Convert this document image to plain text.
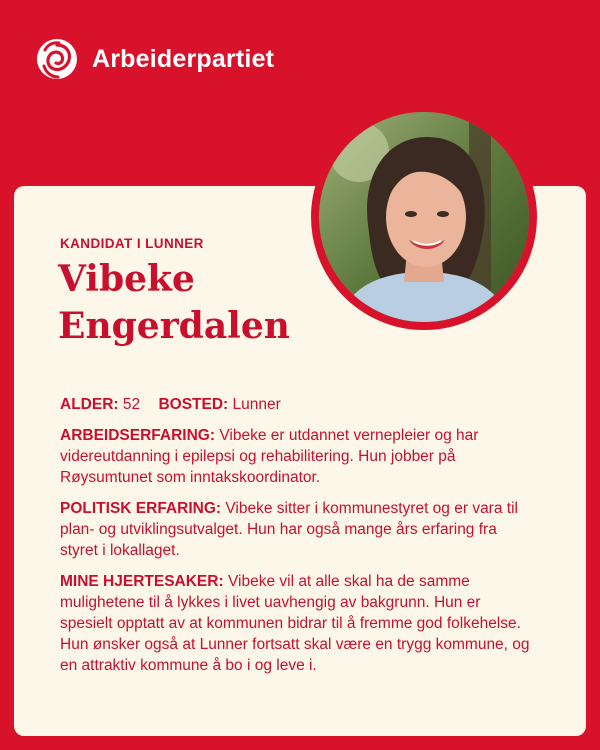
Arbeiderpartiet
KANDIDAT I LUNNER
Vibeke
Engerdalen

ALDER: 52 BOSTED: Lunner

ARBEIDSERFARING: Vibeke er utdannet vernepleier og har videreutdanning i epilepsi og rehabilitering. Hun jobber på Røysumtunet som inntakskoordinator.

POLITISK ERFARING: Vibeke sitter i kommunestyret og er vara til plan- og utviklingsutvalget. Hun har også mange års erfaring fra styret i lokallaget.

MINE HJERTESAKER: Vibeke vil at alle skal ha de samme mulighetene til å lykkes i livet uavhengig av bakgrunn. Hun er spesielt opptatt av at kommunen bidrar til å fremme god folkehelse. Hun ønsker også at Lunner fortsatt skal være en trygg kommune, og en attraktiv kommune å bo i og leve i.
